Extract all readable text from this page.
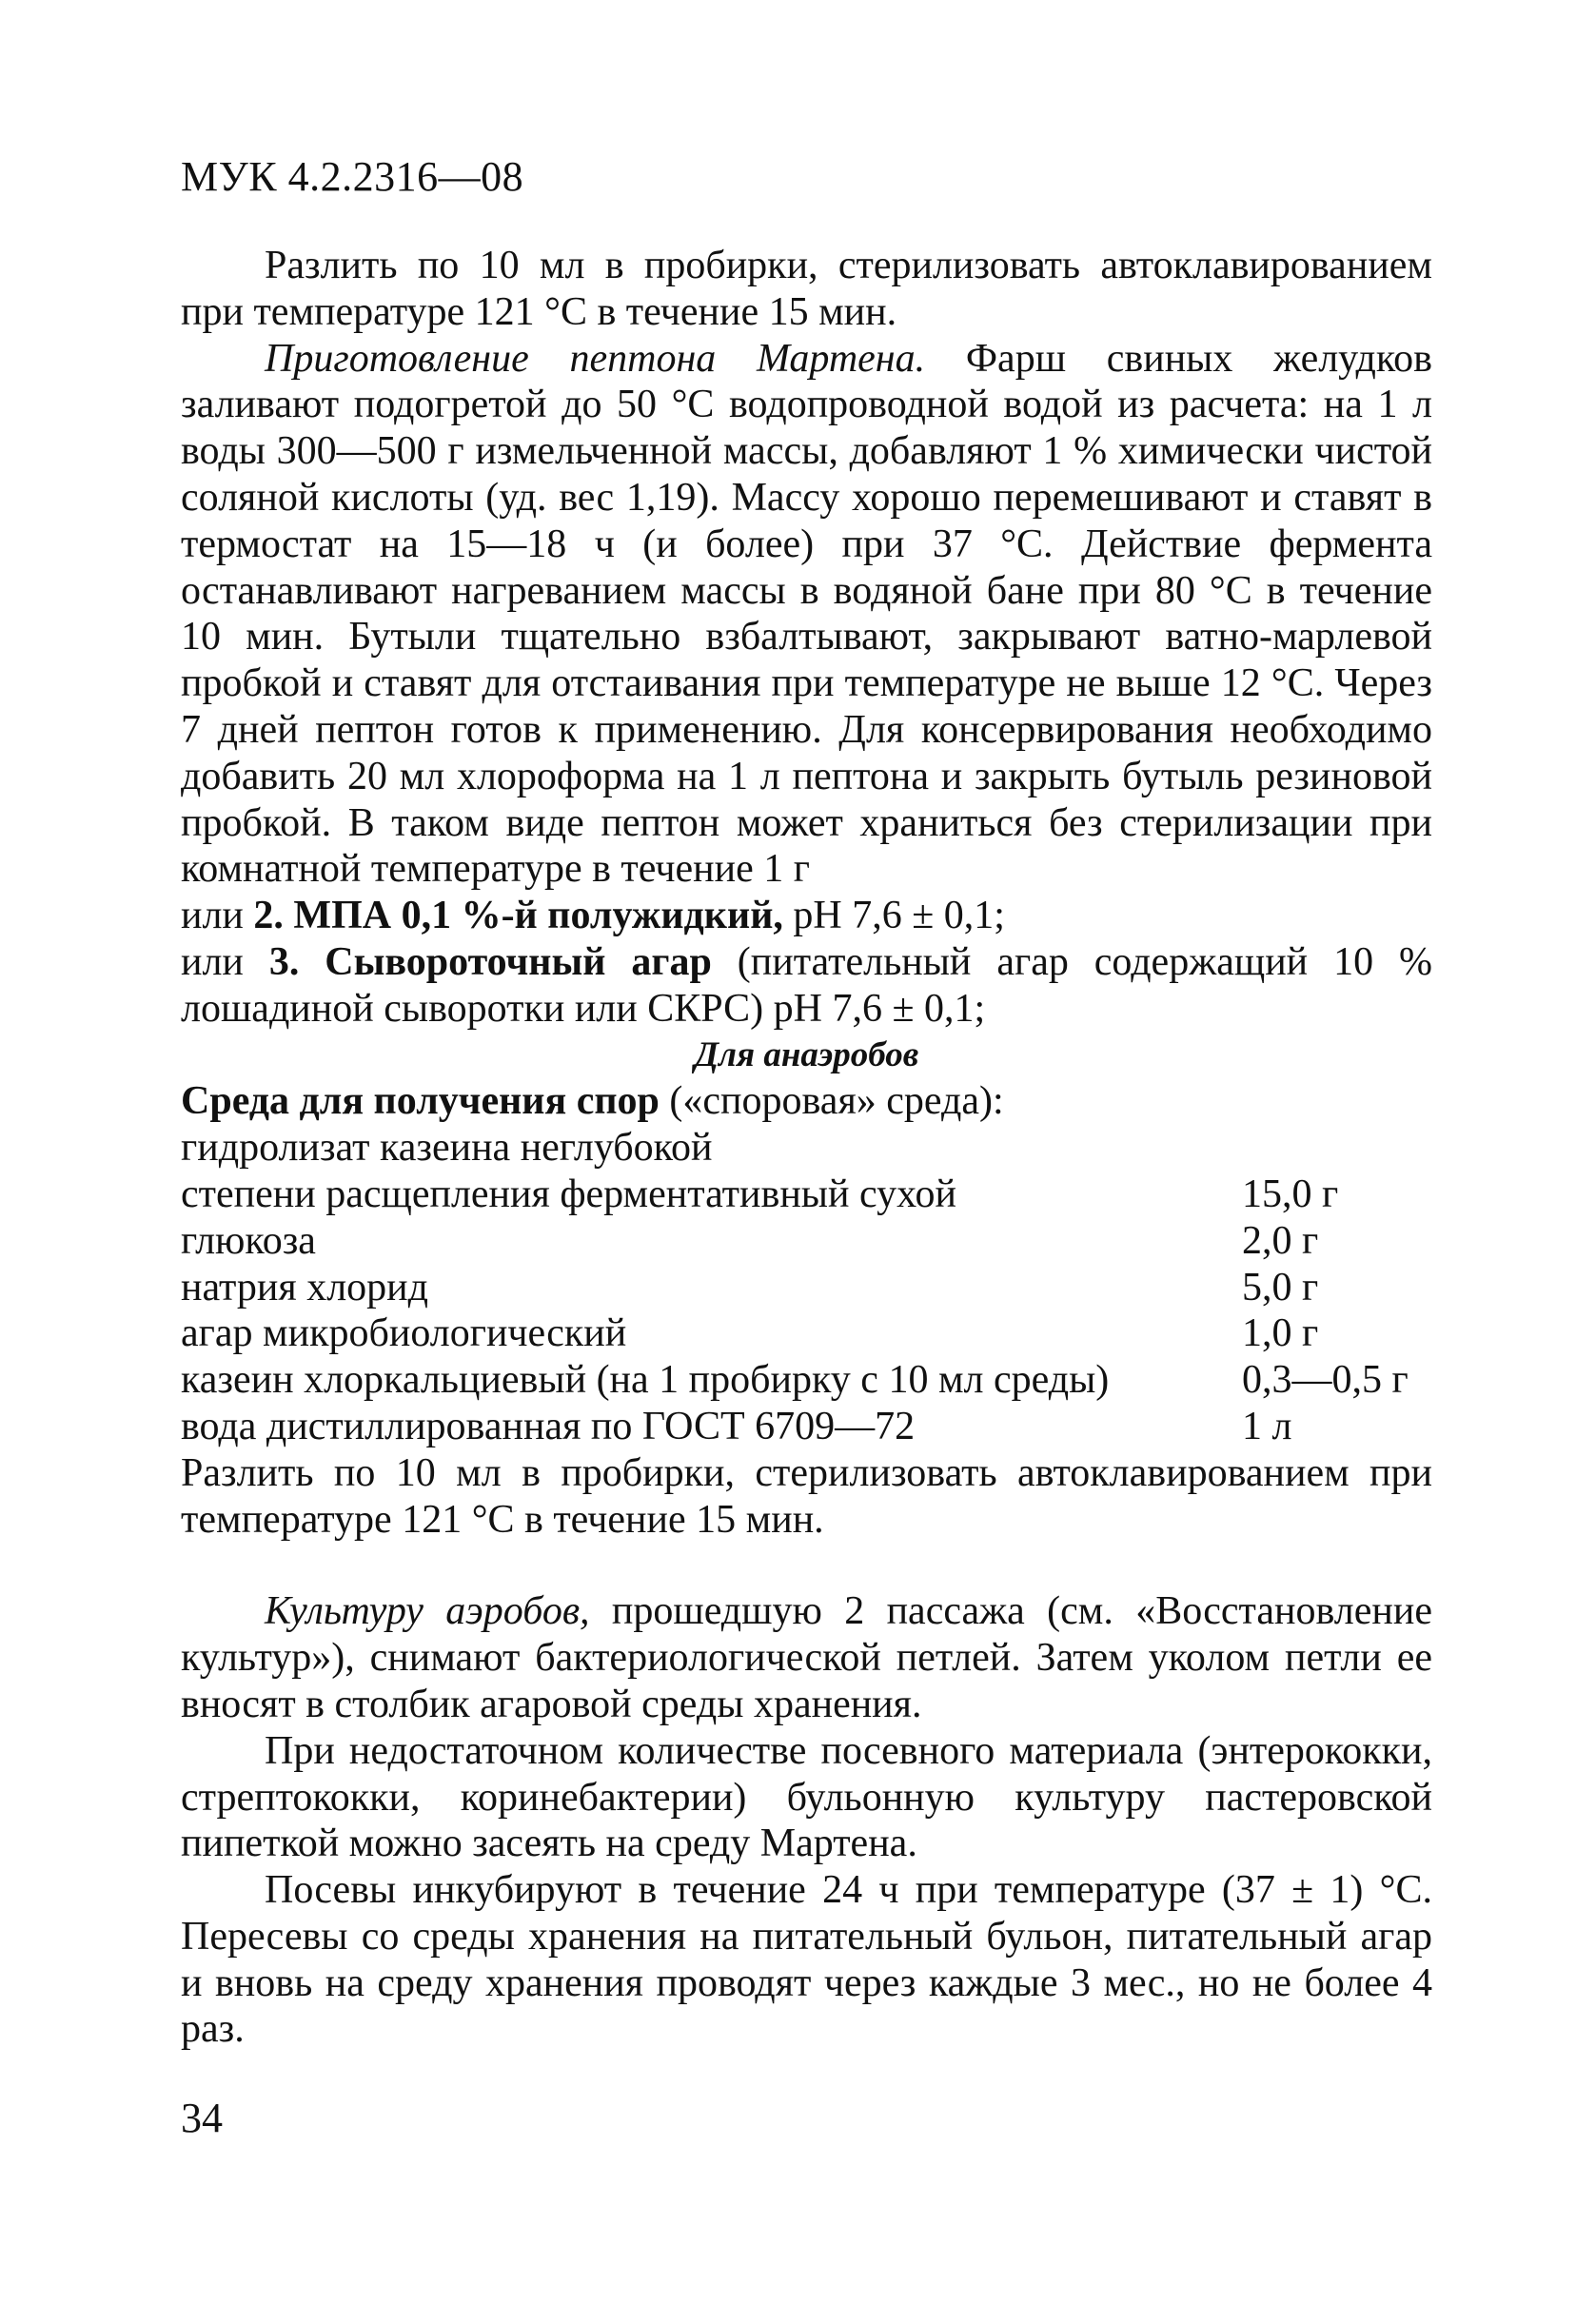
МУК 4.2.2316—08

Разлить по 10 мл в пробирки, стерилизовать автоклавированием при температуре 121 °С в течение 15 мин.

Приготовление пептона Мартена. Фарш свиных желудков заливают подогретой до 50 °С водопроводной водой из расчета: на 1 л воды 300—500 г измельченной массы, добавляют 1 % химически чистой соляной кислоты (уд. вес 1,19). Массу хорошо перемешивают и ставят в термостат на 15—18 ч (и более) при 37 °С. Действие фермента останавливают нагреванием массы в водяной бане при 80 °С в течение 10 мин. Бутыли тщательно взбалтывают, закрывают ватно-марлевой пробкой и ставят для отстаивания при температуре не выше 12 °С. Через 7 дней пептон готов к применению. Для консервирования необходимо добавить 20 мл хлороформа на 1 л пептона и закрыть бутыль резиновой пробкой. В таком виде пептон может храниться без стерилизации при комнатной температуре в течение 1 г

или 2. МПА 0,1 %-й полужидкий, рН 7,6 ± 0,1;

или 3. Сывороточный агар (питательный агар содержащий 10 % лошадиной сыворотки или СКРС) рН 7,6 ± 0,1;

Для анаэробов

Среда для получения спор («споровая» среда):

гидролизат казеина неглубокой
степени расщепления ферментативный сухой	15,0 г
глюкоза	2,0 г
натрия хлорид	5,0 г
агар микробиологический	1,0 г
казеин хлоркальциевый (на 1 пробирку с 10 мл среды)	0,3—0,5 г
вода дистиллированная по ГОСТ 6709—72	1 л

Разлить по 10 мл в пробирки, стерилизовать автоклавированием при температуре 121 °С в течение 15 мин.

Культуру аэробов, прошедшую 2 пассажа (см. «Восстановление культур»), снимают бактериологической петлей. Затем уколом петли ее вносят в столбик агаровой среды хранения.

При недостаточном количестве посевного материала (энтерококки, стрептококки, коринебактерии) бульонную культуру пастеровской пипеткой можно засеять на среду Мартена.

Посевы инкубируют в течение 24 ч при температуре (37 ± 1) °С. Пересевы со среды хранения на питательный бульон, питательный агар и вновь на среду хранения проводят через каждые 3 мес., но не более 4 раз.

34
